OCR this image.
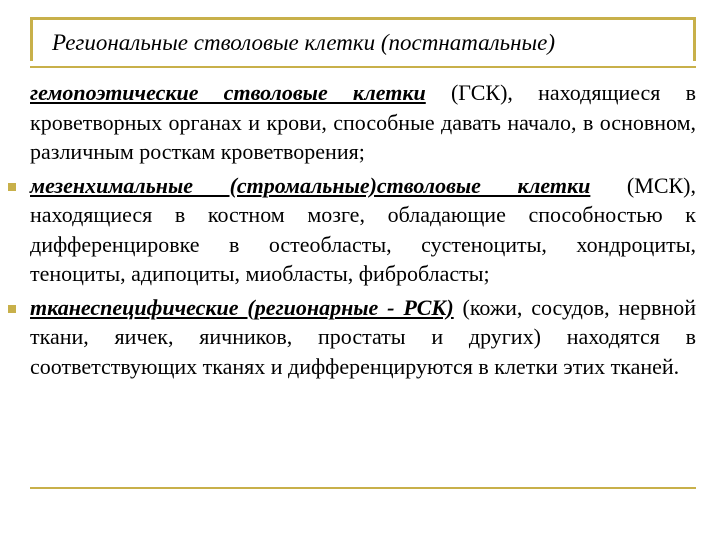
Региональные стволовые клетки (постнатальные)

гемопоэтические стволовые клетки (ГСК), находящиеся в кроветворных органах и крови, способные давать начало, в основном, различным росткам кроветворения;

мезенхимальные (стромальные)стволовые клетки (МСК), находящиеся в костном мозге, обладающие способностью к дифференцировке в остеобласты, сустеноциты, хондроциты, теноциты, адипоциты, миобласты, фибробласты;

тканеспецифические (регионарные - РСК) (кожи, сосудов, нервной ткани, яичек, яичников, простаты и других) находятся в соответствующих тканях и дифференцируются в клетки этих тканей.
